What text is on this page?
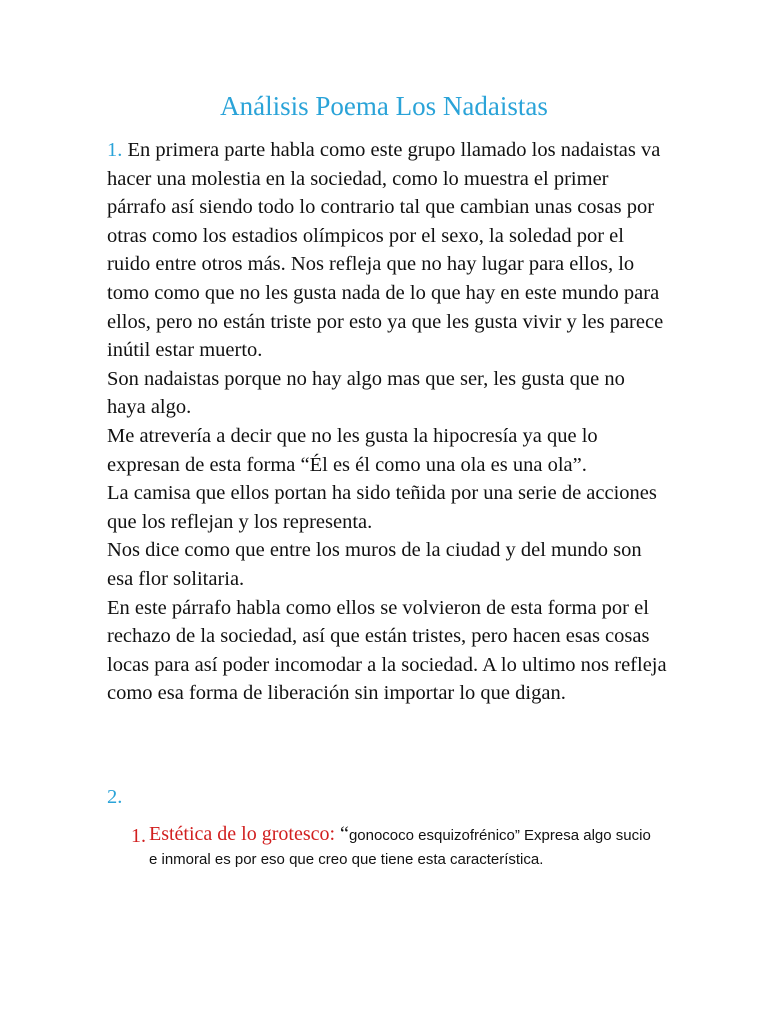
Análisis Poema Los Nadaistas

1. En primera parte habla como este grupo llamado los nadaistas va hacer una molestia en la sociedad, como lo muestra el primer párrafo así siendo todo lo contrario tal que cambian unas cosas por otras como los estadios olímpicos por el sexo, la soledad por el ruido entre otros más. Nos refleja que no hay lugar para ellos, lo tomo como que no les gusta nada de lo que hay en este mundo para ellos, pero no están triste por esto ya que les gusta vivir y les parece inútil estar muerto.

Son nadaistas porque no hay algo mas que ser, les gusta que no haya algo.

Me atrevería a decir que no les gusta la hipocresía ya que lo expresan de esta forma “Él es él como una ola es una ola”.

La camisa que ellos portan ha sido teñida por una serie de acciones que los reflejan y los representa.

Nos dice como que entre los muros de la ciudad y del mundo son esa flor solitaria.

En este párrafo habla como ellos se volvieron de esta forma por el rechazo de la sociedad, así que están tristes, pero hacen esas cosas locas para así poder incomodar a la sociedad. A lo ultimo nos refleja como esa forma de liberación sin importar lo que digan.

2.
1. Estética de lo grotesco: “gonococo esquizofrénico” Expresa algo sucio e inmoral es por eso que creo que tiene esta característica.
